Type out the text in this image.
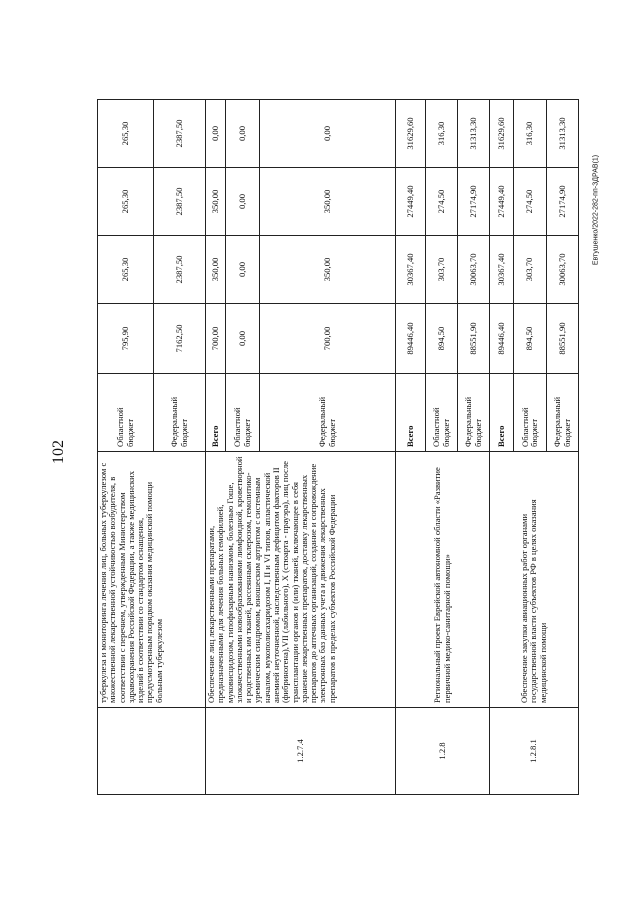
102
Евтушенко/2022-282-пп-ЗДРАВ(1)
	туберкулеза и мониторинга лечения лиц, больных туберкулезом с множественной лекарственной устойчивостью возбудителя, в соответствии с перечнем, утвержденным Министерством здравоохранения Российской Федерации, а также медицинских изделий в соответствии со стандартом оснащения, предусмотренным порядком оказания медицинской помощи больным туберкулезом	Областной бюджет	795,90	265,30	265,30	265,30
		Федеральный бюджет	7162,50	2387,50	2387,50	2387,50
1.2.7.4	Обеспечение лиц лекарственными препаратами, предназначенными для лечения больных гемофилией, муковисцидозом, гипофизарным нанизмом, болезнью Гоше, злокачественными новообразованиями лимфоидной, кроветворной и родственных им тканей, рассеянным склерозом, гемолитико-уремическим синдромом, юношеским артритом с системным началом, мукополисахаридозом I, II и VI типов, апластической анемией неуточненной, наследственным дефицитом факторов II (фибриногена),VII (лабильного), X (стюарта - прауэра), лиц после трансплантации органов и (или) тканей, включающее в себя хранение лекарственных препаратов, доставку лекарственных препаратов до аптечных организаций, создание и сопровождение электронных баз данных учета и движения лекарственных препаратов в пределах субъектов Российской Федерации	Всего	700,00	350,00	350,00	0,00
		Областной бюджет	0,00	0,00	0,00	0,00
		Федеральный бюджет	700,00	350,00	350,00	0,00
1.2.8	Региональный проект Еврейской автономной области «Развитие первичной медико-санитарной помощи»	Всего	89446,40	30367,40	27449,40	31629,60
		Областной бюджет	894,50	303,70	274,50	316,30
		Федеральный бюджет	88551,90	30063,70	27174,90	31313,30
1.2.8.1	Обеспечение закупки авиационных работ органами государственной власти субъектов РФ в целях оказания медицинской помощи	Всего	89446,40	30367,40	27449,40	31629,60
		Областной бюджет	894,50	303,70	274,50	316,30
		Федеральный бюджет	88551,90	30063,70	27174,90	31313,30
